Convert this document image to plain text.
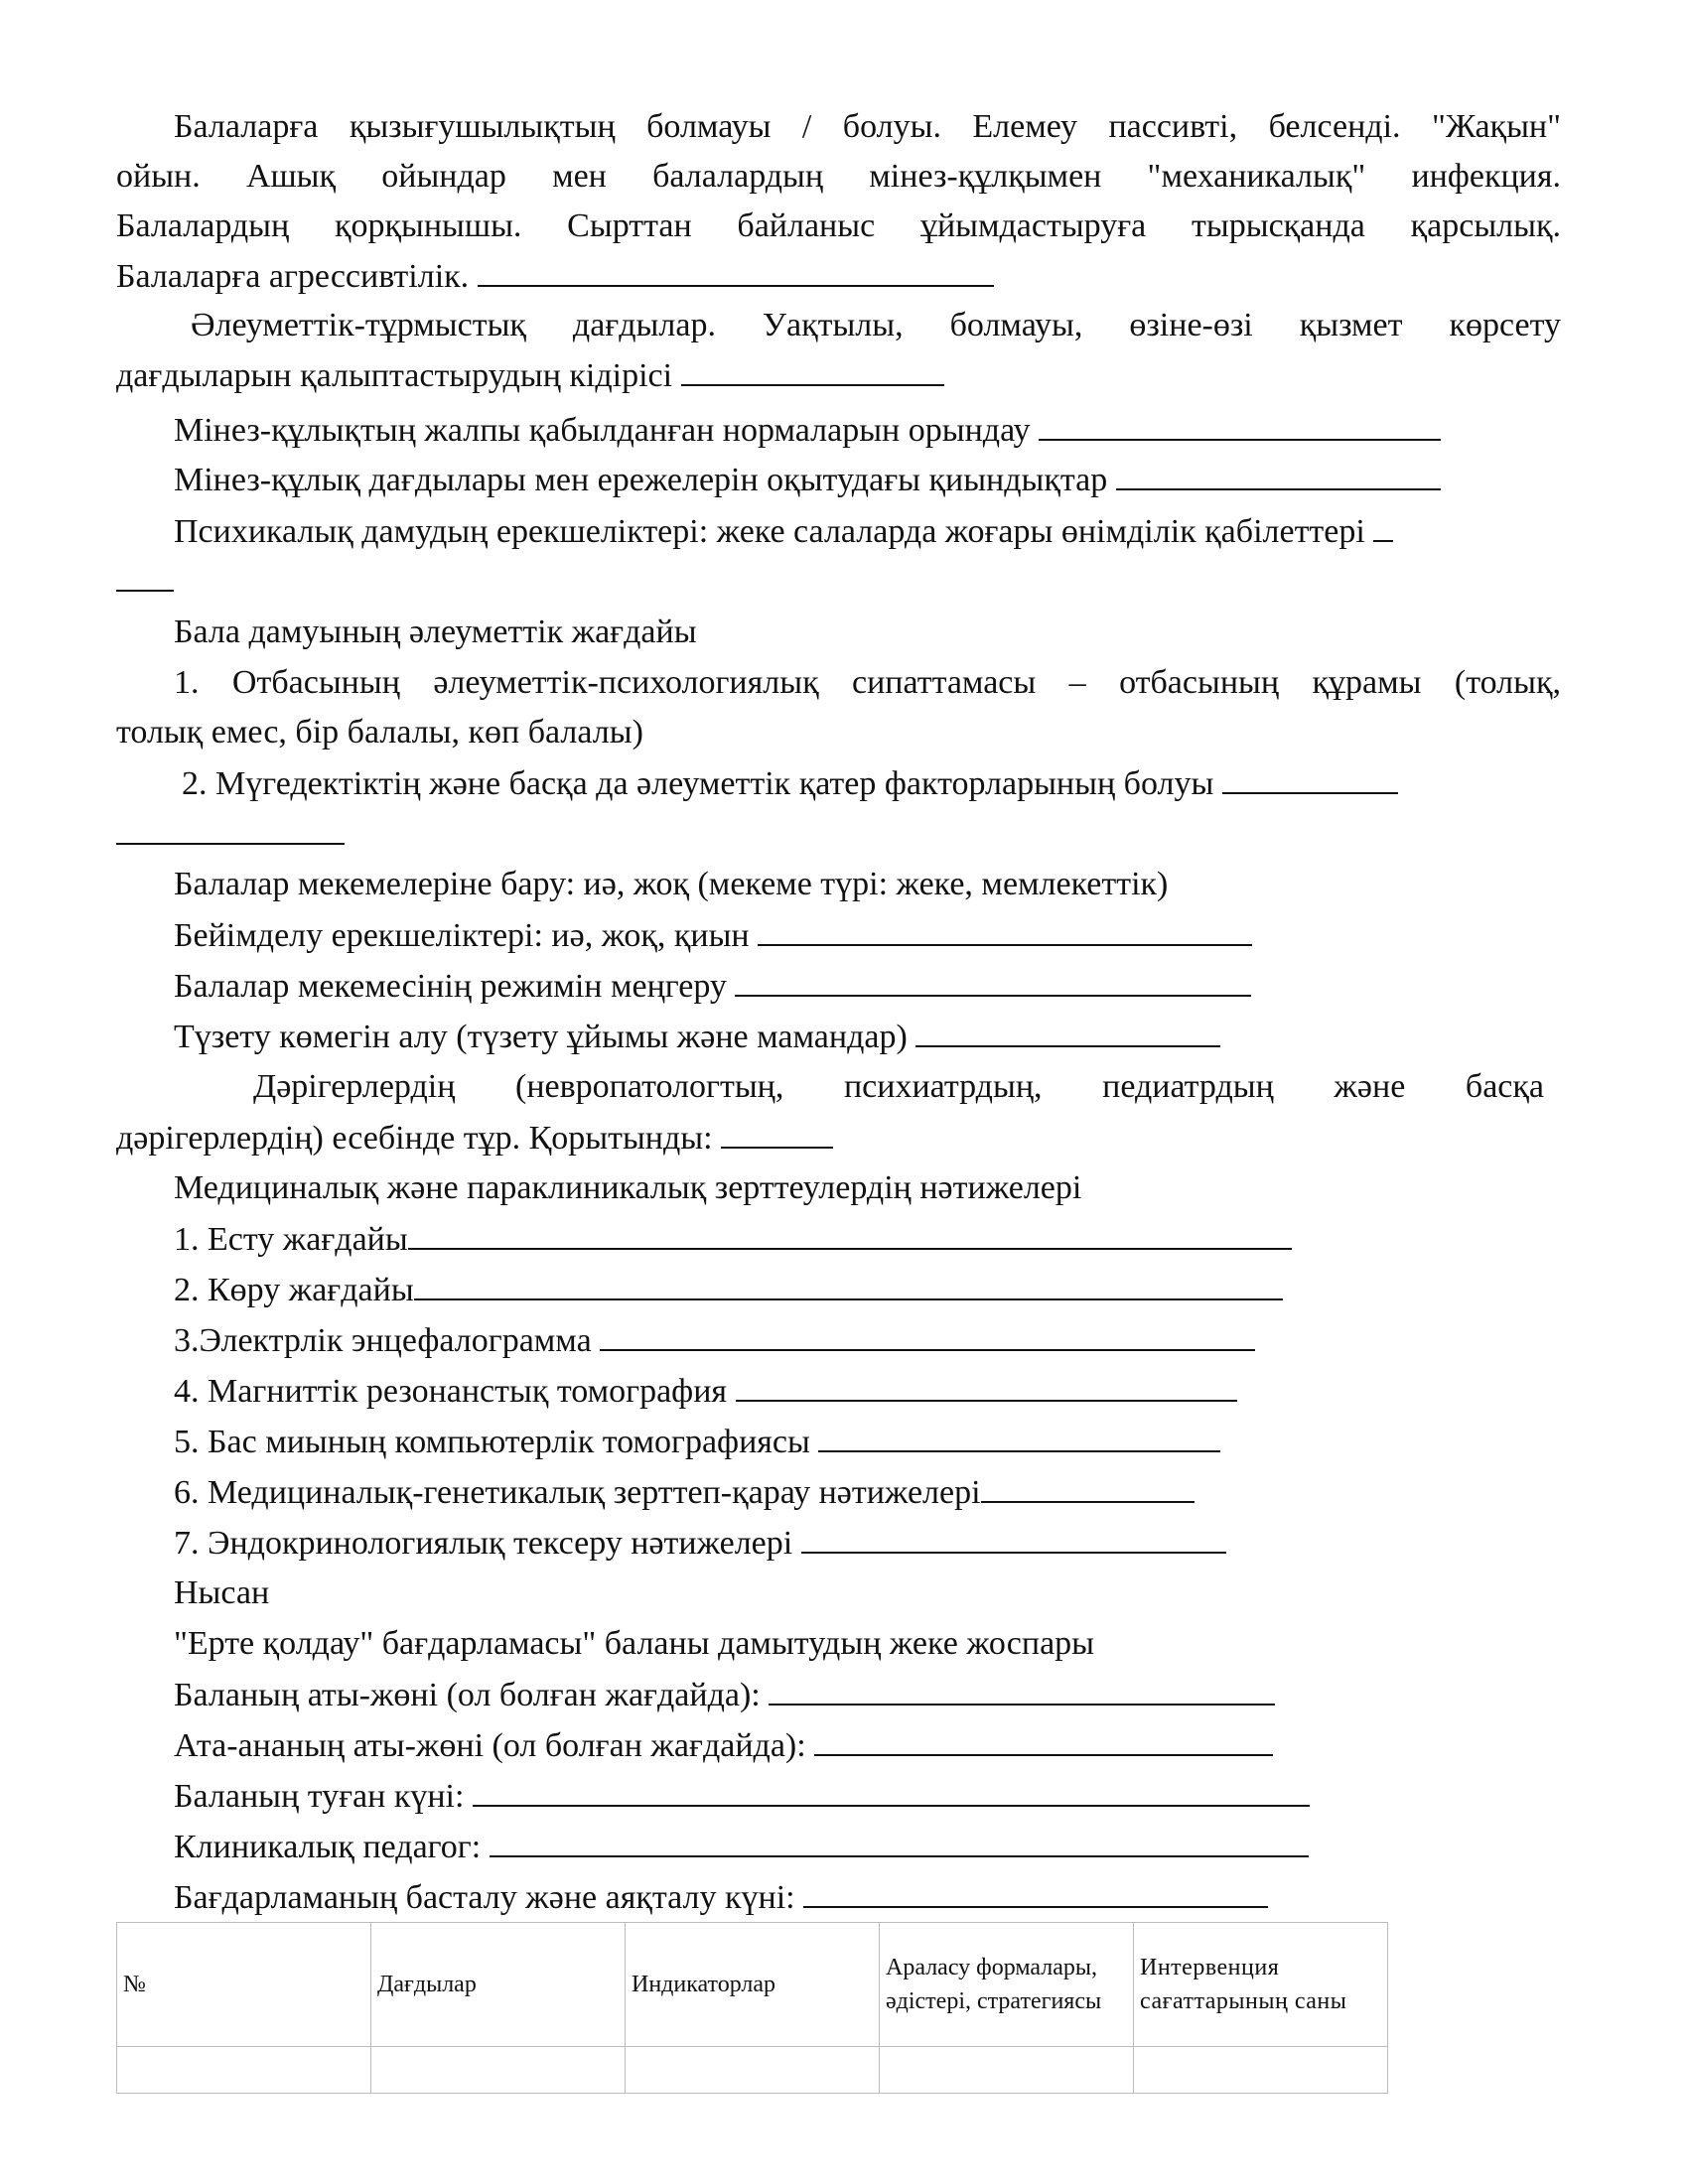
Балаларға қызығушылықтың болмауы / болуы. Елемеу пассивті, белсенді. "Жақын"
ойын. Ашық ойындар мен балалардың мінез-құлқымен "механикалық" инфекция.
Балалардың қорқынышы. Сырттан байланыс ұйымдастыруға тырысқанда қарсылық.
Балаларға агрессивтілік.
Әлеуметтік-тұрмыстық дағдылар. Уақтылы, болмауы, өзіне-өзі қызмет көрсету
дағдыларын қалыптастырудың кідірісі
Мінез-құлықтың жалпы қабылданған нормаларын орындау
Мінез-құлық дағдылары мен ережелерін оқытудағы қиындықтар
Психикалық дамудың ерекшеліктері: жеке салаларда жоғары өнімділік қабілеттері
Бала дамуының әлеуметтік жағдайы
1. Отбасының әлеуметтік-психологиялық сипаттамасы – отбасының құрамы (толық,
толық емес, бір балалы, көп балалы)
2. Мүгедектіктің және басқа да әлеуметтік қатер факторларының болуы
Балалар мекемелеріне бару: иә, жоқ (мекеме түрі: жеке, мемлекеттік)
Бейімделу ерекшеліктері: иә, жоқ, қиын
Балалар мекемесінің режимін меңгеру
Түзету көмегін алу (түзету ұйымы және мамандар)
Дәрігерлердің (невропатологтың, психиатрдың, педиатрдың және басқа
дәрігерлердің) есебінде тұр. Қорытынды:
Медициналық және параклиникалық зерттеулердің нәтижелері
1. Есту жағдайы
2. Көру жағдайы
3.Электрлік энцефалограмма
4. Магниттік резонанстық томография
5. Бас миының компьютерлік томографиясы
6. Медициналық-генетикалық зерттеп-қарау нәтижелері
7. Эндокринологиялық тексеру нәтижелері
Нысан
"Ерте қолдау" бағдарламасы" баланы дамытудың жеке жоспары
Баланың аты-жөні (ол болған жағдайда):
Ата-ананың аты-жөні (ол болған жағдайда):
Баланың туған күні:
Клиникалық педагог:
Бағдарламаның басталу және аяқталу күні:
№	Дағдылар	Индикаторлар	Араласу формалары, әдістері, стратегиясы	Интервенция сағаттарының саны
